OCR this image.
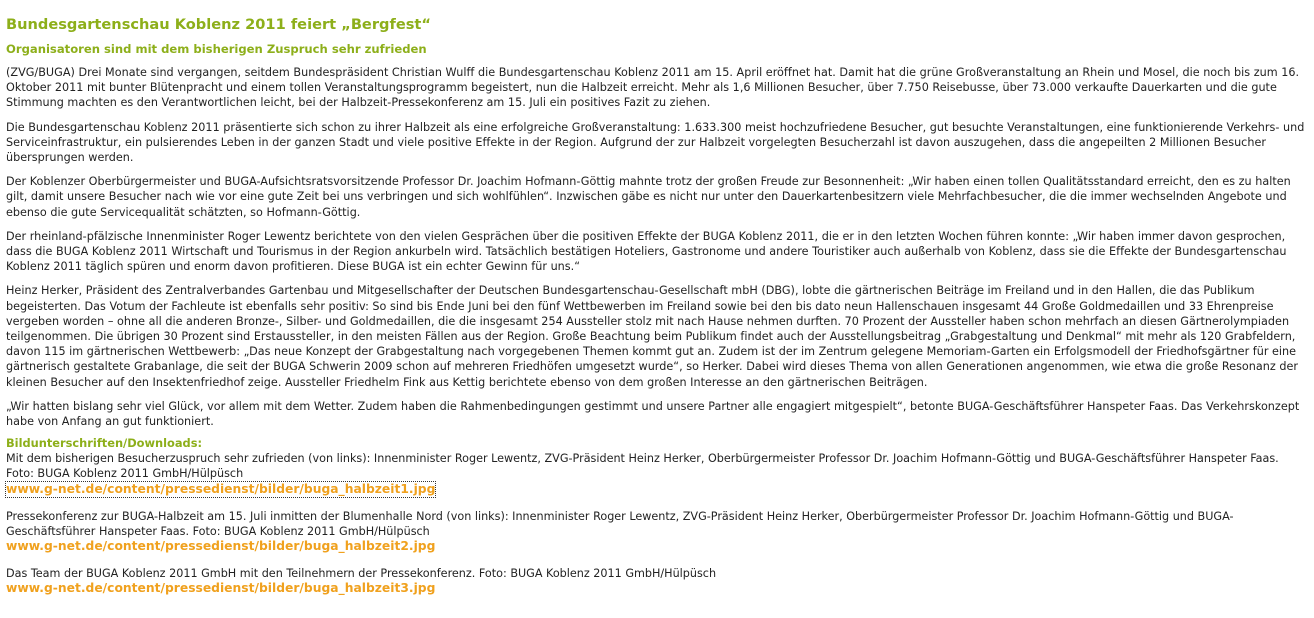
Bundesgartenschau Koblenz 2011 feiert „Bergfest“
Organisatoren sind mit dem bisherigen Zuspruch sehr zufrieden

(ZVG/BUGA) Drei Monate sind vergangen, seitdem Bundespräsident Christian Wulff die Bundesgartenschau Koblenz 2011 am 15. April eröffnet hat. Damit hat die grüne Großveranstaltung an Rhein und Mosel, die noch bis zum 16. Oktober 2011 mit bunter Blütenpracht und einem tollen Veranstaltungsprogramm begeistert, nun die Halbzeit erreicht. Mehr als 1,6 Millionen Besucher, über 7.750 Reisebusse, über 73.000 verkaufte Dauerkarten und die gute Stimmung machten es den Verantwortlichen leicht, bei der Halbzeit-Pressekonferenz am 15. Juli ein positives Fazit zu ziehen.

Die Bundesgartenschau Koblenz 2011 präsentierte sich schon zu ihrer Halbzeit als eine erfolgreiche Großveranstaltung: 1.633.300 meist hochzufriedene Besucher, gut besuchte Veranstaltungen, eine funktionierende Verkehrs- und Serviceinfrastruktur, ein pulsierendes Leben in der ganzen Stadt und viele positive Effekte in der Region. Aufgrund der zur Halbzeit vorgelegten Besucherzahl ist davon auszugehen, dass die angepeilten 2 Millionen Besucher übersprungen werden.

Der Koblenzer Oberbürgermeister und BUGA-Aufsichtsratsvorsitzende Professor Dr. Joachim Hofmann-Göttig mahnte trotz der großen Freude zur Besonnenheit: „Wir haben einen tollen Qualitätsstandard erreicht, den es zu halten gilt, damit unsere Besucher nach wie vor eine gute Zeit bei uns verbringen und sich wohlfühlen“. Inzwischen gäbe es nicht nur unter den Dauerkartenbesitzern viele Mehrfachbesucher, die die immer wechselnden Angebote und ebenso die gute Servicequalität schätzten, so Hofmann-Göttig.

Der rheinland-pfälzische Innenminister Roger Lewentz berichtete von den vielen Gesprächen über die positiven Effekte der BUGA Koblenz 2011, die er in den letzten Wochen führen konnte: „Wir haben immer davon gesprochen, dass die BUGA Koblenz 2011 Wirtschaft und Tourismus in der Region ankurbeln wird. Tatsächlich bestätigen Hoteliers, Gastronome und andere Touristiker auch außerhalb von Koblenz, dass sie die Effekte der Bundesgartenschau Koblenz 2011 täglich spüren und enorm davon profitieren. Diese BUGA ist ein echter Gewinn für uns.“

Heinz Herker, Präsident des Zentralverbandes Gartenbau und Mitgesellschafter der Deutschen Bundesgartenschau-Gesellschaft mbH (DBG), lobte die gärtnerischen Beiträge im Freiland und in den Hallen, die das Publikum begeisterten. Das Votum der Fachleute ist ebenfalls sehr positiv: So sind bis Ende Juni bei den fünf Wettbewerben im Freiland sowie bei den bis dato neun Hallenschauen insgesamt 44 Große Goldmedaillen und 33 Ehrenpreise vergeben worden – ohne all die anderen Bronze-, Silber- und Goldmedaillen, die die insgesamt 254 Aussteller stolz mit nach Hause nehmen durften. 70 Prozent der Aussteller haben schon mehrfach an diesen Gärtnerolympiaden teilgenommen. Die übrigen 30 Prozent sind Erstaussteller, in den meisten Fällen aus der Region. Große Beachtung beim Publikum findet auch der Ausstellungsbeitrag „Grabgestaltung und Denkmal“ mit mehr als 120 Grabfeldern, davon 115 im gärtnerischen Wettbewerb: „Das neue Konzept der Grabgestaltung nach vorgegebenen Themen kommt gut an. Zudem ist der im Zentrum gelegene Memoriam-Garten ein Erfolgsmodell der Friedhofsgärtner für eine gärtnerisch gestaltete Grabanlage, die seit der BUGA Schwerin 2009 schon auf mehreren Friedhöfen umgesetzt wurde“, so Herker. Dabei wird dieses Thema von allen Generationen angenommen, wie etwa die große Resonanz der kleinen Besucher auf den Insektenfriedhof zeige. Aussteller Friedhelm Fink aus Kettig berichtete ebenso von dem großen Interesse an den gärtnerischen Beiträgen.

„Wir hatten bislang sehr viel Glück, vor allem mit dem Wetter. Zudem haben die Rahmenbedingungen gestimmt und unsere Partner alle engagiert mitgespielt“, betonte BUGA-Geschäftsführer Hanspeter Faas. Das Verkehrskonzept habe von Anfang an gut funktioniert.

Bildunterschriften/Downloads:
Mit dem bisherigen Besucherzuspruch sehr zufrieden (von links): Innenminister Roger Lewentz, ZVG-Präsident Heinz Herker, Oberbürgermeister Professor Dr. Joachim Hofmann-Göttig und BUGA-Geschäftsführer Hanspeter Faas. Foto: BUGA Koblenz 2011 GmbH/Hülpüsch
www.g-net.de/content/pressedienst/bilder/buga_halbzeit1.jpg
Pressekonferenz zur BUGA-Halbzeit am 15. Juli inmitten der Blumenhalle Nord (von links): Innenminister Roger Lewentz, ZVG-Präsident Heinz Herker, Oberbürgermeister Professor Dr. Joachim Hofmann-Göttig und BUGA-Geschäftsführer Hanspeter Faas. Foto: BUGA Koblenz 2011 GmbH/Hülpüsch
www.g-net.de/content/pressedienst/bilder/buga_halbzeit2.jpg
Das Team der BUGA Koblenz 2011 GmbH mit den Teilnehmern der Pressekonferenz. Foto: BUGA Koblenz 2011 GmbH/Hülpüsch
www.g-net.de/content/pressedienst/bilder/buga_halbzeit3.jpg
